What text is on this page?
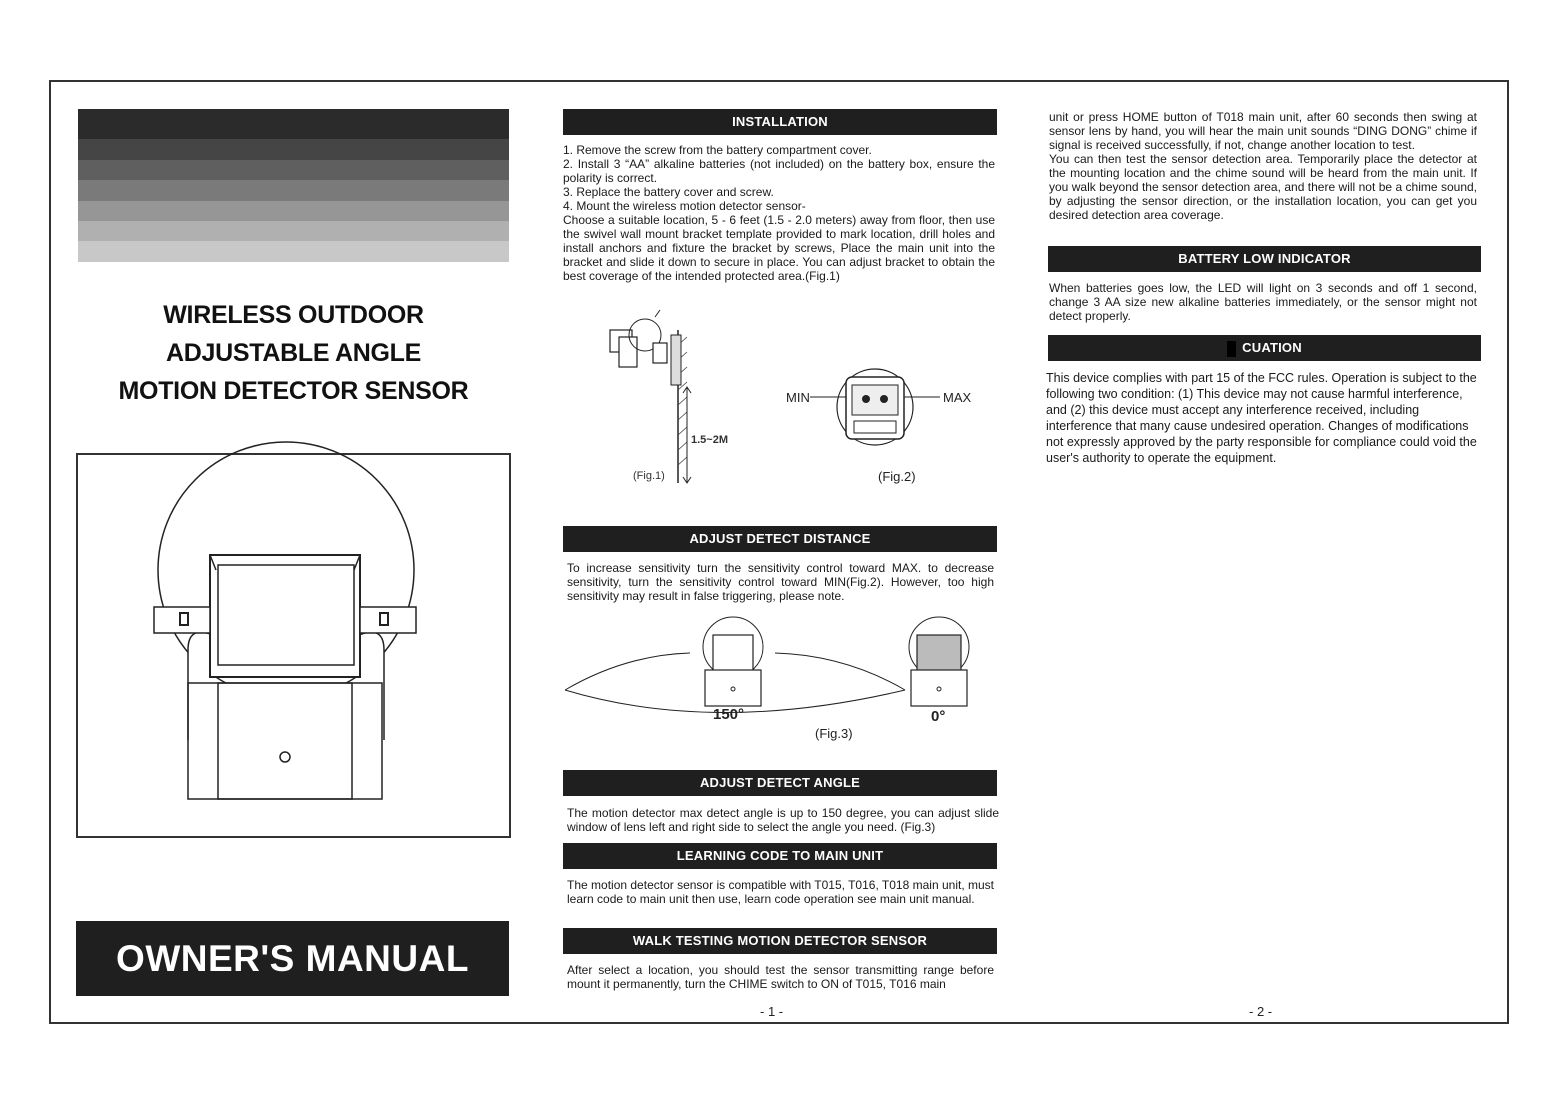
WIRELESS OUTDOOR
ADJUSTABLE ANGLE
MOTION DETECTOR SENSOR
OWNER'S MANUAL
INSTALLATION

1. Remove the screw from the battery compartment cover.

2. Install 3 “AA” alkaline batteries (not included) on the battery box, ensure the polarity is correct.

3. Replace the battery cover and screw.

4. Mount the wireless motion detector sensor-

Choose a suitable location, 5 - 6 feet (1.5 - 2.0 meters) away from floor, then use the swivel wall mount bracket template provided to mark location, drill holes and install anchors and fixture the bracket by screws, Place the main unit into the bracket and slide it down to secure in place. You can adjust bracket to obtain the best coverage of the intended protected area.(Fig.1)

1.5~2M
(Fig.1)
MIN	MAX
(Fig.2)
ADJUST DETECT DISTANCE
To increase sensitivity turn the sensitivity control toward MAX. to decrease sensitivity, turn the sensitivity control toward MIN(Fig.2). However, too high sensitivity may result in false triggering, please note.
150°	0°
(Fig.3)
ADJUST DETECT ANGLE
The motion detector max detect angle is up to 150 degree, you can adjust slide window of lens left and right side to select the angle you need. (Fig.3)
LEARNING CODE TO MAIN UNIT
The motion detector sensor is compatible with T015, T016, T018 main unit, must learn code to main unit then use, learn code operation see main unit manual.
WALK TESTING MOTION DETECTOR SENSOR
After select a location, you should test the sensor transmitting range before mount it permanently, turn the CHIME switch to ON of T015, T016 main
- 1 -

unit or press HOME button of T018 main unit, after 60 seconds then swing at sensor lens by hand, you will hear the main unit sounds “DING DONG” chime if signal is received successfully, if not, change another location to test.

You can then test the sensor detection area. Temporarily place the detector at the mounting location and the chime sound will be heard from the main unit. If you walk beyond the sensor detection area, and there will not be a chime sound, by adjusting the sensor direction, or the installation location, you can get you desired detection area coverage.

BATTERY LOW INDICATOR
When batteries goes low, the LED will light on 3 seconds and off 1 second, change 3 AA size new alkaline batteries immediately, or the sensor might not detect properly.
CUATION
This device complies with part 15 of the FCC rules. Operation is subject to the following two condition: (1) This device may not cause harmful interference, and (2) this device must accept any interference received, including interference that many cause undesired operation. Changes of modifications not expressly approved by the party responsible for compliance could void the user's authority to operate the equipment.
- 2 -
